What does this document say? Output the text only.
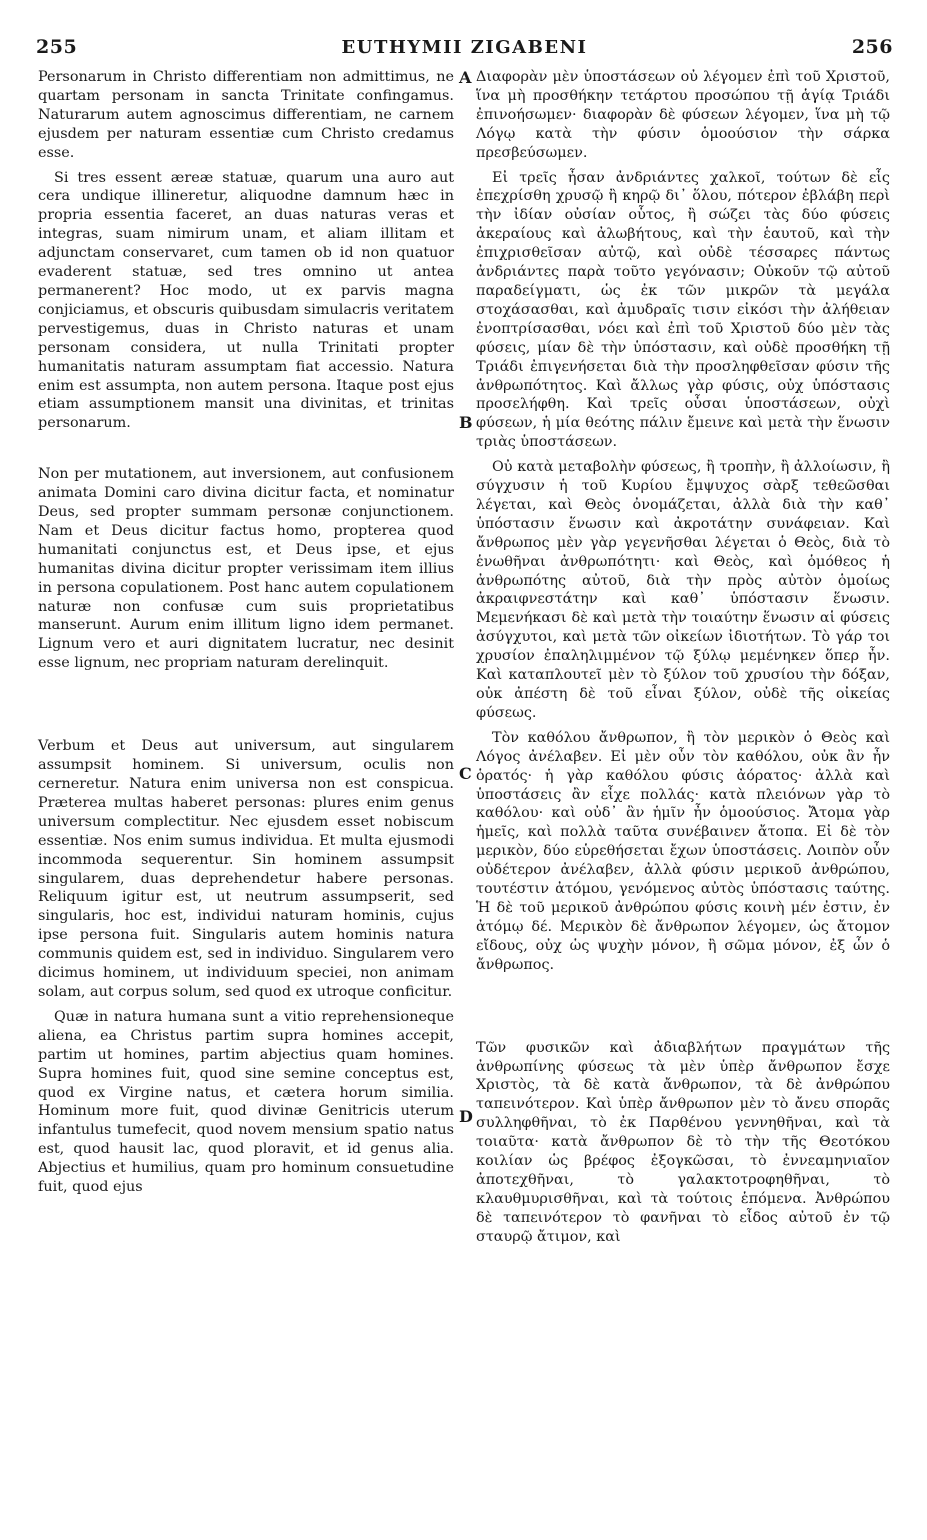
255	EUTHYMII ZIGABENI	256

Personarum in Christo differentiam non admittimus, ne quartam personam in sancta Trinitate confingamus. Naturarum autem agnoscimus differentiam, ne carnem ejusdem per naturam essentiæ cum Christo credamus esse.

Si tres essent æreæ statuæ, quarum una auro aut cera undique illineretur, aliquodne damnum hæc in propria essentia faceret, an duas naturas veras et integras, suam nimirum unam, et aliam illitam et adjunctam conservaret, cum tamen ob id non quatuor evaderent statuæ, sed tres omnino ut antea permanerent? Hoc modo, ut ex parvis magna conjiciamus, et obscuris quibusdam simulacris veritatem pervestigemus, duas in Christo naturas et unam personam considera, ut nulla Trinitati propter humanitatis naturam assumptam fiat accessio. Natura enim est assumpta, non autem persona. Itaque post ejus etiam assumptionem mansit una divinitas, et trinitas personarum.

Non per mutationem, aut inversionem, aut confusionem animata Domini caro divina dicitur facta, et nominatur Deus, sed propter summam personæ conjunctionem. Nam et Deus dicitur factus homo, propterea quod humanitati conjunctus est, et Deus ipse, et ejus humanitas divina dicitur propter verissimam item illius in persona copulationem. Post hanc autem copulationem naturæ non confusæ cum suis proprietatibus manserunt. Aurum enim illitum ligno idem permanet. Lignum vero et auri dignitatem lucratur, nec desinit esse lignum, nec propriam naturam derelinquit.

Verbum et Deus aut universum, aut singularem assumpsit hominem. Si universum, oculis non cerneretur. Natura enim universa non est conspicua. Præterea multas haberet personas: plures enim genus universum complectitur. Nec ejusdem esset nobiscum essentiæ. Nos enim sumus individua. Et multa ejusmodi incommoda sequerentur. Sin hominem assumpsit singularem, duas deprehendetur habere personas. Reliquum igitur est, ut neutrum assumpserit, sed singularis, hoc est, individui naturam hominis, cujus ipse persona fuit. Singularis autem hominis natura communis quidem est, sed in individuo. Singularem vero dicimus hominem, ut individuum speciei, non animam solam, aut corpus solum, sed quod ex utroque conficitur.

Quæ in natura humana sunt a vitio reprehensioneque aliena, ea Christus partim supra homines accepit, partim ut homines, partim abjectius quam homines. Supra homines fuit, quod sine semine conceptus est, quod ex Virgine natus, et cætera horum similia. Hominum more fuit, quod divinæ Genitricis uterum infantulus tumefecit, quod novem mensium spatio natus est, quod hausit lac, quod ploravit, et id genus alia. Abjectius et humilius, quam pro hominum consuetudine fuit, quod ejus

A
B
C
D

Διαφορὰν μὲν ὑποστάσεων οὐ λέγομεν ἐπὶ τοῦ Χριστοῦ, ἵνα μὴ προσθήκην τετάρτου προσώπου τῇ ἁγίᾳ Τριάδι ἐπινοήσωμεν· διαφορὰν δὲ φύσεων λέγομεν, ἵνα μὴ τῷ Λόγῳ κατὰ τὴν φύσιν ὁμοούσιον τὴν σάρκα πρεσβεύσωμεν.

Εἰ τρεῖς ἦσαν ἀνδριάντες χαλκοῖ, τούτων δὲ εἷς ἐπεχρίσθη χρυσῷ ἢ κηρῷ δι᾿ ὅλου, πότερον ἐβλάβη περὶ τὴν ἰδίαν οὐσίαν οὗτος, ἢ σώζει τὰς δύο φύσεις ἀκεραίους καὶ ἀλωβήτους, καὶ τὴν ἑαυτοῦ, καὶ τὴν ἐπιχρισθεῖσαν αὐτῷ, καὶ οὐδὲ τέσσαρες πάντως ἀνδριάντες παρὰ τοῦτο γεγόνασιν; Οὐκοῦν τῷ αὐτοῦ παραδείγματι, ὡς ἐκ τῶν μικρῶν τὰ μεγάλα στοχάσασθαι, καὶ ἀμυδραῖς τισιν εἰκόσι τὴν ἀλήθειαν ἐνοπτρίσασθαι, νόει καὶ ἐπὶ τοῦ Χριστοῦ δύο μὲν τὰς φύσεις, μίαν δὲ τὴν ὑπόστασιν, καὶ οὐδὲ προσθήκη τῇ Τριάδι ἐπιγενήσεται διὰ τὴν προσληφθεῖσαν φύσιν τῆς ἀνθρωπότητος. Καὶ ἄλλως γὰρ φύσις, οὐχ ὑπόστασις προσελήφθη. Καὶ τρεῖς οὖσαι ὑποστάσεων, οὐχὶ φύσεων, ἡ μία θεότης πάλιν ἔμεινε καὶ μετὰ τὴν ἕνωσιν τριὰς ὑποστάσεων.

Οὐ κατὰ μεταβολὴν φύσεως, ἢ τροπὴν, ἢ ἀλλοίωσιν, ἢ σύγχυσιν ἡ τοῦ Κυρίου ἔμψυχος σὰρξ τεθεῶσθαι λέγεται, καὶ Θεὸς ὀνομάζεται, ἀλλὰ διὰ τὴν καθ᾿ ὑπόστασιν ἕνωσιν καὶ ἀκροτάτην συνάφειαν. Καὶ ἄνθρωπος μὲν γὰρ γεγενῆσθαι λέγεται ὁ Θεὸς, διὰ τὸ ἑνωθῆναι ἀνθρωπότητι· καὶ Θεὸς, καὶ ὁμόθεος ἡ ἀνθρωπότης αὐτοῦ, διὰ τὴν πρὸς αὐτὸν ὁμοίως ἀκραιφνεστάτην καὶ καθ᾿ ὑπόστασιν ἕνωσιν. Μεμενήκασι δὲ καὶ μετὰ τὴν τοιαύτην ἕνωσιν αἱ φύσεις ἀσύγχυτοι, καὶ μετὰ τῶν οἰκείων ἰδιοτήτων. Τὸ γάρ τοι χρυσίον ἐπαληλιμμένον τῷ ξύλῳ μεμένηκεν ὅπερ ἦν. Καὶ καταπλουτεῖ μὲν τὸ ξύλον τοῦ χρυσίου τὴν δόξαν, οὐκ ἀπέστη δὲ τοῦ εἶναι ξύλον, οὐδὲ τῆς οἰκείας φύσεως.

Τὸν καθόλου ἄνθρωπον, ἢ τὸν μερικὸν ὁ Θεὸς καὶ Λόγος ἀνέλαβεν. Εἰ μὲν οὖν τὸν καθόλου, οὐκ ἂν ἦν ὁρατός· ἡ γὰρ καθόλου φύσις ἀόρατος· ἀλλὰ καὶ ὑποστάσεις ἂν εἶχε πολλάς· κατὰ πλειόνων γὰρ τὸ καθόλου· καὶ οὐδ᾿ ἂν ἡμῖν ἦν ὁμοούσιος. Ἄτομα γὰρ ἡμεῖς, καὶ πολλὰ ταῦτα συνέβαινεν ἄτοπα. Εἰ δὲ τὸν μερικὸν, δύο εὑρεθήσεται ἔχων ὑποστάσεις. Λοιπὸν οὖν οὐδέτερον ἀνέλαβεν, ἀλλὰ φύσιν μερικοῦ ἀνθρώπου, τουτέστιν ἀτόμου, γενόμενος αὐτὸς ὑπόστασις ταύτης. Ἡ δὲ τοῦ μερικοῦ ἀνθρώπου φύσις κοινὴ μέν ἐστιν, ἐν ἀτόμῳ δέ. Μερικὸν δὲ ἄνθρωπον λέγομεν, ὡς ἄτομον εἴδους, οὐχ ὡς ψυχὴν μόνον, ἢ σῶμα μόνον, ἐξ ὧν ὁ ἄνθρωπος.

Τῶν φυσικῶν καὶ ἀδιαβλήτων πραγμάτων τῆς ἀνθρωπίνης φύσεως τὰ μὲν ὑπὲρ ἄνθρωπον ἔσχε Χριστὸς, τὰ δὲ κατὰ ἄνθρωπον, τὰ δὲ ἀνθρώπου ταπεινότερον. Καὶ ὑπὲρ ἄνθρωπον μὲν τὸ ἄνευ σπορᾶς συλληφθῆναι, τὸ ἐκ Παρθένου γεννηθῆναι, καὶ τὰ τοιαῦτα· κατὰ ἄνθρωπον δὲ τὸ τὴν τῆς Θεοτόκου κοιλίαν ὡς βρέφος ἐξογκῶσαι, τὸ ἐννεαμηνιαῖον ἀποτεχθῆναι, τὸ γαλακτοτροφηθῆναι, τὸ κλαυθμυρισθῆναι, καὶ τὰ τούτοις ἑπόμενα. Ἀνθρώπου δὲ ταπεινότερον τὸ φανῆναι τὸ εἶδος αὐτοῦ ἐν τῷ σταυρῷ ἄτιμον, καὶ
